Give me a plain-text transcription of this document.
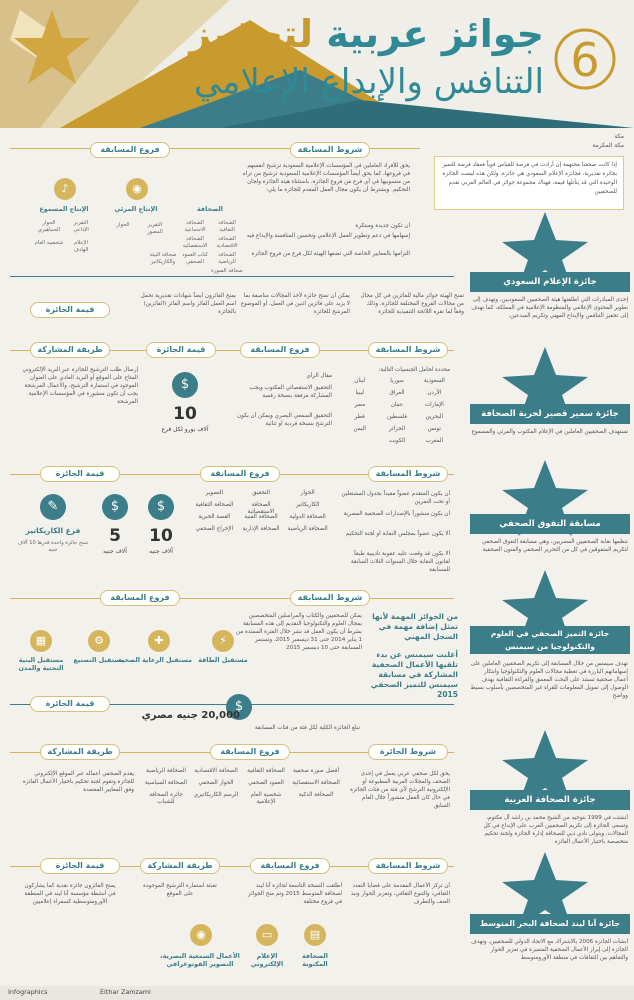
جوائز عربية لتحفيز
التنافس والإبداع الإعلامي 6
مكة
مكة المكرمة
إذا كانت صحفنا محتهمة إن أرادت في فرصة للقياس قوياً فعقاد فرصة للتميز بجائزة تقديرية، فجائزة الإعلام السعودي هي جائزة، ولكن هذه ليست الجائزة الوحيدة التي قد يتأتلها قيمة، فهناك مجموعة جوائز في العالم العربي تقدم للصحفيين
شروط المسابقة
فروع المسابقة
يحق للأفراد العاملين في المؤسسات الإعلامية السعودية ترشيح أنفسهم في فروعها، كما يحق أيضاً المؤسسات الإعلامية السعودية ترشيح من تراه من منسوبيها في أي فرع من فروع الجائزة، باستثناء هيئة الجائزة ولجان التحكيم. ويشترط أن يكون مجال العمل المقدم للجائزة ما يلي:
أن تكون جديدة ومبتكرة
إسهامها في دعم وتطوير العمل الإعلامي وتحسين المنافسة والإبداع فيه
التزامها بالمعايير الخاصة التي تضعها الهيئة لكل فرع من فروع الجائزة
الصحافة
الصحافة الثقافية
الصحافة الاقتصادية
الصحافة الاجتماعية
الصحافة الاستقصائية
الصحافة الرياضية
كتاب العمود الصحفي
صحافة البيئة والكاريكاتير
صحافة الصورة
◉
الإنتاج المرئي
التقرير المصور
الحوار
♪
الإنتاج المسموع
التقرير الإذاعي
الحوار الجماهيري
الإعلام الهادف
شخصية العام
جائزة الإعلام السعودي
إحدى المبادرات التي أطلقتها هيئة الصحفيين السعوديين، وتهدف إلى تطوير المحتوى الإعلامي والمنظومة الإعلامية في المملكة، كما تهدف إلى تحفيز التنافس والإبداع المهني وتكريم المبدعين.
تمنح الهيئة جوائز مالية للفائزين في كل مجال من مجالات الفروع المختلفة للجائزة، وذلك وفقاً لما تقره اللائحة التنفيذية للجائزة
يمكن أن تمنح جائزة لأحد المجالات مناصفة بما لا يزيد على فائزين اثنين في العمل، أو الموضوع المرشح للجائزة
يمنح الفائزون أيضاً شهادات تقديرية تحمل اسم العمل الفائز واسم الفائز (الفائزين) بالجائزة
قيمة الجائزة
شروط المسابقة
فروع المسابقة
قيمة الجائزة
طريقة المشاركة
محددة لحامل الجنسيات التالية:
السعودية
سوريا
لبنان
الأردن
العراق
ليبيا
الإمارات
عمان
مصر
البحرين
فلسطين
قطر
تونس
الجزائر
اليمن
المغرب
الكويت
مقال الرأي
التحقيق الاستقصائي المكتوب ويجب المشاركة مرفقة بنسخة رقمية
التحقيق السمعي البصري ويمكن أن يكون الترشح بنسخة فردية أو ثنائية
$
10
آلاف يورو لكل فرع
إرسال طلب الترشيح للجائزة عبر البريد الإلكتروني المتاح على الموقع أو البريد العادي على العنوان الموجود في استمارة الترشيح، والأعمال المرشحة يجب أن تكون منشورة في المؤسسات الإعلامية المرشحة
جائزة سمير قصير لحرية الصحافة
تستهدف الصحفيين العاملين في الإعلام المكتوب والمرئي والمسموع
شروط المسابقة
فروع المسابقة
قيمة الجائزة
أن يكون المتقدم عضواً مقيداً بجدول المشتغلين أو تحت التمرين
أن يكون منشوراً بالإصدارات الصحفية المصرية
ألا يكون عضواً بمجلس النقابة أو لجنة التحكيم
ألا يكون قد وقعت عليه عقوبة تأديبية طبقاً لقانون النقابة خلال السنوات الثلاث السابقة للمسابقة
الحوار
التحقيق
التصوير
الكاريكاتير
الصحافة الاستقصائية
الصحافة الثقافية
الصحافة الدولية
الصحافة الفنية
القصة الخبرية
الصحافة الرياضية
الصحافة الإدارية
الإخراج الصحفي
$
10
آلاف جنيه
$
5
آلاف جنيه
✎
فرع الكاريكاتير
تمنح جائزة واحدة قدرها 10 آلاف جنيه
مسابقة التفوق الصحفي
تنظمها نقابة الصحفيين المصريين، وهي مسابقة التفوق الصحفي لتكريم المتفوقين في كل من التحرير الصحفي والفنون الصحفية
شروط المسابقة
فروع المسابقة
يمكن للصحفيين والكتاب والمراسلين المتخصصين بمجال العلوم والتكنولوجيا التقديم إلى هذه المسابقة بشرط أن يكون العمل قد نشر خلال الفترة الممتدة من 1 يناير 2014 حتى 31 ديسمبر 2015، وتستمر المسابقة حتى 10 ديسمبر 2015
من الجوائز المهمة لأنها تمثل إضافة مهمة في السجل المهني
أعلنت سيمنس عن بدء تلقيها الأعمال الصحفية المشاركة في مسابقة سيمنس للتميز الصحفي 2015
⚡
مستقبل الطاقة
✚
مستقبل الرعاية الصحية
⚙
مستقبل التصنيع
▦
مستقبل البنية التحتية والمدن
قيمة الجائزة	$
تبلغ الجائزة الكلية لكل فئة من فئات المسابقة
20,000 جنيه مصري
جائزة التميز الصحفي في العلوم والتكنولوجيا من سيمنس
تهدف سيمنس من خلال المسابقة إلى تكريم الصحفيين العاملين على إسهاماتهم البارزة في تغطية مجالات العلوم والتكنولوجيا وابتكار أعمال صحفية تستند على البحث المعمق والقراءة الثقافية بهدف الوصول إلى تمويل المعلومات للقراء غير المتخصصين بأسلوب بسيط وواضح
شروط الجائزة
فروع المسابقة
طريقة المشاركة
يحق لكل صحفي عربي يعمل في إحدى الصحف والمجلات العربية المطبوعة أو الإلكترونية الترشح لأي فئة من فئات الجائزة في حال كان العمل منشوراً خلال العام السابق
أفضل صورة صحفية
الصحافة الثقافية
الصحافة الاقتصادية
الصحافة الرياضية
الصحافة الاستقصائية
العمود الصحفي
الحوار الصحفي
الصحافة السياسية
الصحافة الذكية
شخصية العام الإعلامية
الرسم الكاريكاتيري
جائزة الصحافة للشباب
يقدم الصحفي أعماله عبر الموقع الإلكتروني للجائزة وتقوم لجنة تحكيم باختيار الأعمال الفائزة وفق المعايير المعتمدة
جائزة الصحافة العربية
أنشئت في 1999 بتوجيه من الشيخ محمد بن راشد آل مكتوم، وتسعى الجائزة إلى تكريم الصحفيين العرب على الإبداع في كل المجالات، ويتولى نادي دبي للصحافة إدارة الجائزة ولجنة تحكيم متخصصة باختيار الأعمال الفائزة
شروط المسابقة
فروع المسابقة
طريقة المشاركة
قيمة الجائزة
أن تركز الأعمال المقدمة على قضايا التعدد الثقافي، والتنوع الثقافي، وتعزيز الحوار ونبذ العنف والتطرف
أطلقت النسخة التاسعة لجائزة آنا ليند لصحافة المتوسط 2015 وتم منح الجوائز في فروع مختلفة
▤
الصحافة المكتوبة
▭
الإعلام الإلكتروني
◉
الأعمال السمعية البصرية، التصوير الفوتوغرافي
تعبئة استمارة الترشيح الموجودة على الموقع
يمنح الفائزون جائزة نقدية كما يشاركون في أنشطة مؤسسة آنا ليند في المنطقة الأورومتوسطية كسفراء إعلاميين
جائزة آنا ليند لصحافة البحر المتوسط
أنشأت الجائزة 2006 بالاشتراك مع الاتحاد الدولي للصحفيين، وتهدف الجائزة إلى إبراز الأعمال الصحفية المتميزة في تعزيز الحوار والتفاهم بين الثقافات في منطقة الأورومتوسط
Infographics	Eithar Zamzami
